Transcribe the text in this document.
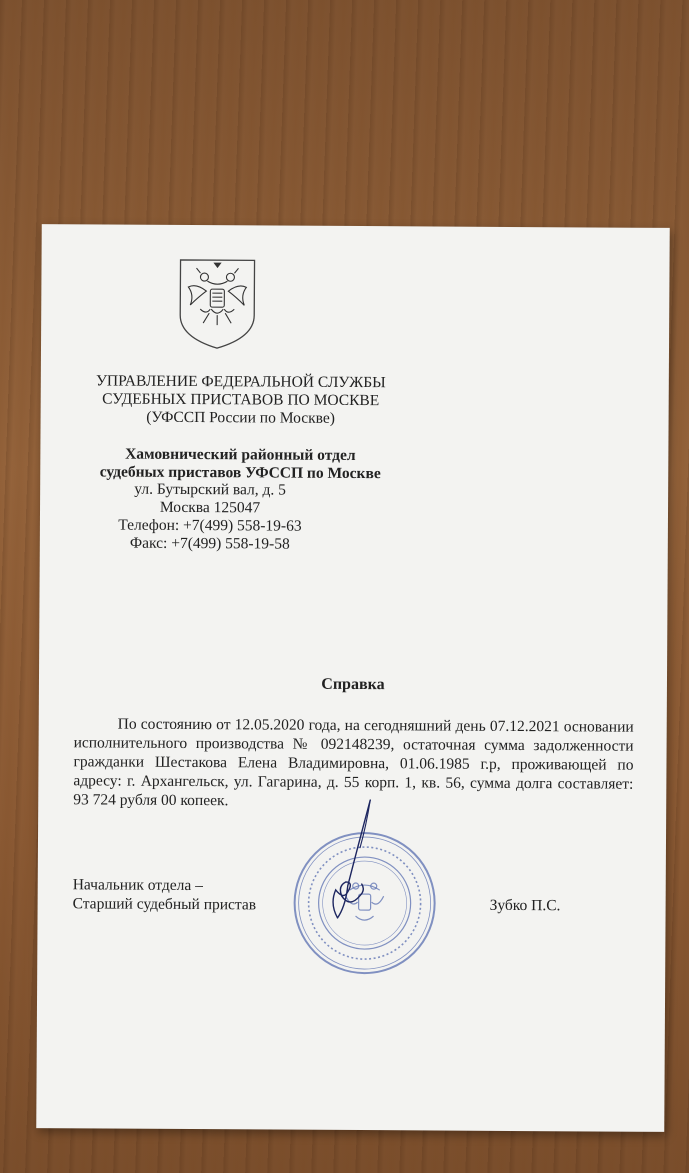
УПРАВЛЕНИЕ ФЕДЕРАЛЬНОЙ СЛУЖБЫ
СУДЕБНЫХ ПРИСТАВОВ ПО МОСКВЕ
(УФССП России по Москве)
Хамовнический районный отдел
судебных приставов УФССП по Москве
ул. Бутырский вал, д. 5
Москва 125047
Телефон: +7(499) 558-19-63
Факс: +7(499) 558-19-58
Справка
По состоянию от 12.05.2020 года, на сегодняшний день 07.12.2021 основании исполнительного производства № 092148239, остаточная сумма задолженности гражданки Шестакова Елена Владимировна, 01.06.1985 г.р, проживающей по адресу: г. Архангельск, ул. Гагарина, д. 55 корп. 1, кв. 56, сумма долга составляет: 93 724 рубля 00 копеек.
Начальник отдела –
Старший судебный пристав	Зубко П.С.
